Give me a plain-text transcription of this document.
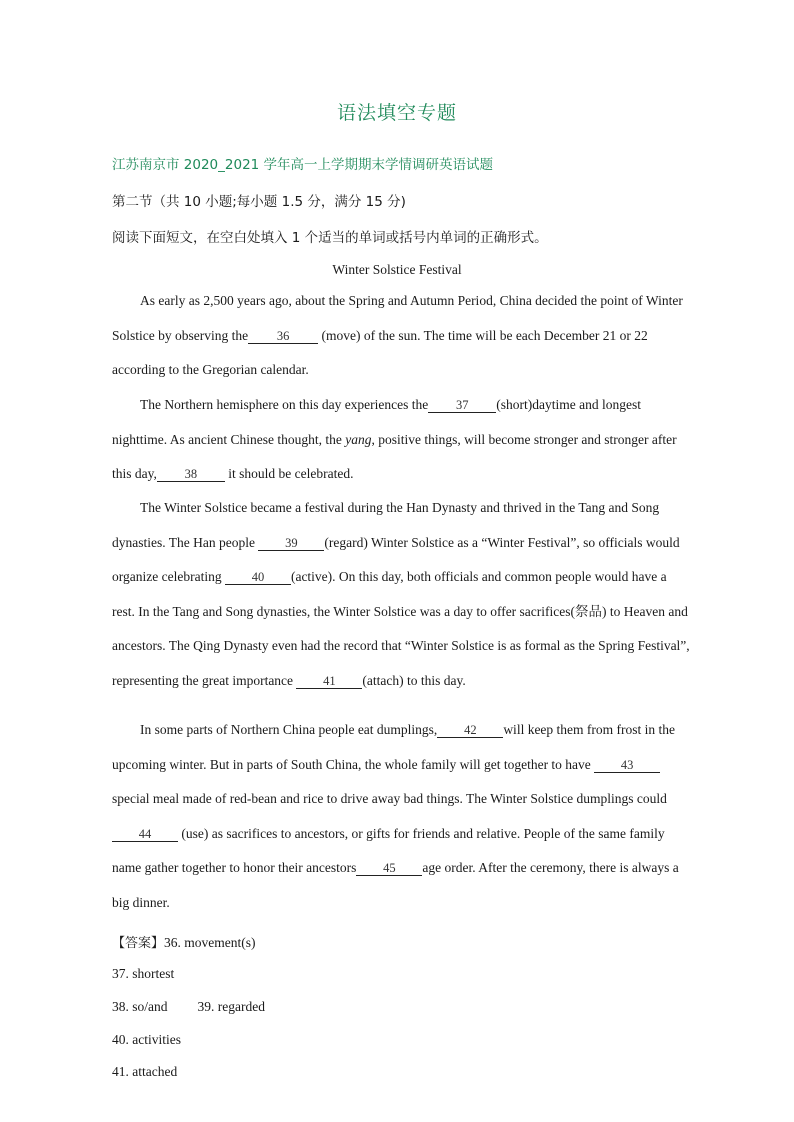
语法填空专题
江苏南京市 2020_2021 学年高一上学期期末学情调研英语试题
第二节（共 10 小题;每小题 1.5 分，满分 15 分)
阅读下面短文，在空白处填入 1 个适当的单词或括号内单词的正确形式。
Winter Solstice Festival

As early as 2,500 years ago, about the Spring and Autumn Period, China decided the point of Winter Solstice by observing the 36 (move) of the sun. The time will be each December 21 or 22 according to the Gregorian calendar.

The Northern hemisphere on this day experiences the 37 (short)daytime and longest nighttime. As ancient Chinese thought, the yang, positive things, will become stronger and stronger after this day, 38 it should be celebrated.

The Winter Solstice became a festival during the Han Dynasty and thrived in the Tang and Song dynasties. The Han people 39 (regard) Winter Solstice as a “Winter Festival”, so officials would organize celebrating 40 (active). On this day, both officials and common people would have a rest. In the Tang and Song dynasties, the Winter Solstice was a day to offer sacrifices(祭品) to Heaven and ancestors. The Qing Dynasty even had the record that “Winter Solstice is as formal as the Spring Festival”, representing the great importance 41 (attach) to this day.

In some parts of Northern China people eat dumplings, 42 will keep them from frost in the upcoming winter. But in parts of South China, the whole family will get together to have 43 special meal made of red-bean and rice to drive away bad things. The Winter Solstice dumplings could44 (use) as sacrifices to ancestors, or gifts for friends and relative. People of the same family name gather together to honor their ancestors 45 age order. After the ceremony, there is always a big dinner.

【答案】36. movement(s)
37. shortest
38. so/and 39. regarded
40. activities
41. attached
